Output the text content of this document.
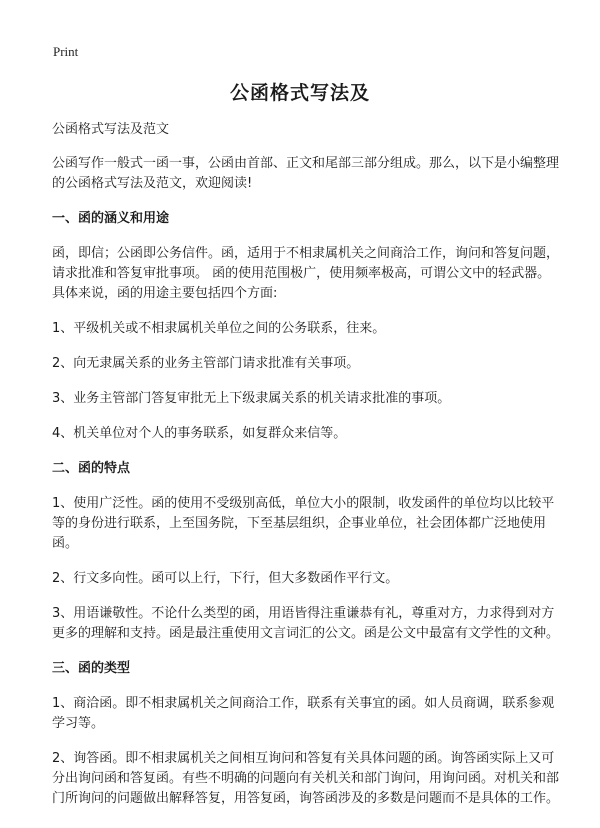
Print
公函格式写法及

公函格式写法及范文

公函写作一般式一函一事，公函由首部、正文和尾部三部分组成。那么，以下是小编整理的公函格式写法及范文，欢迎阅读!

一、函的涵义和用途

函，即信；公函即公务信件。函，适用于不相隶属机关之间商洽工作，询问和答复问题，请求批准和答复审批事项。 函的使用范围极广，使用频率极高，可谓公文中的轻武器。具体来说，函的用途主要包括四个方面:

1、平级机关或不相隶属机关单位之间的公务联系，往来。

2、向无隶属关系的业务主管部门请求批准有关事项。

3、业务主管部门答复审批无上下级隶属关系的机关请求批准的事项。

4、机关单位对个人的事务联系，如复群众来信等。

二、函的特点

1、使用广泛性。函的使用不受级别高低，单位大小的限制，收发函件的单位均以比较平等的身份进行联系，上至国务院，下至基层组织，企事业单位，社会团体都广泛地使用函。

2、行文多向性。函可以上行，下行，但大多数函作平行文。

3、用语谦敬性。不论什么类型的函，用语皆得注重谦恭有礼，尊重对方，力求得到对方更多的理解和支持。函是最注重使用文言词汇的公文。函是公文中最富有文学性的文种。

三、函的类型

1、商洽函。即不相隶属机关之间商洽工作，联系有关事宜的函。如人员商调，联系参观学习等。

2、询答函。即不相隶属机关之间相互询问和答复有关具体问题的函。询答函实际上又可分出询问函和答复函。有些不明确的问题向有关机关和部门询问，用询问函。对机关和部门所询问的问题做出解释答复，用答复函，询答函涉及的多数是问题而不是具体的工作。
